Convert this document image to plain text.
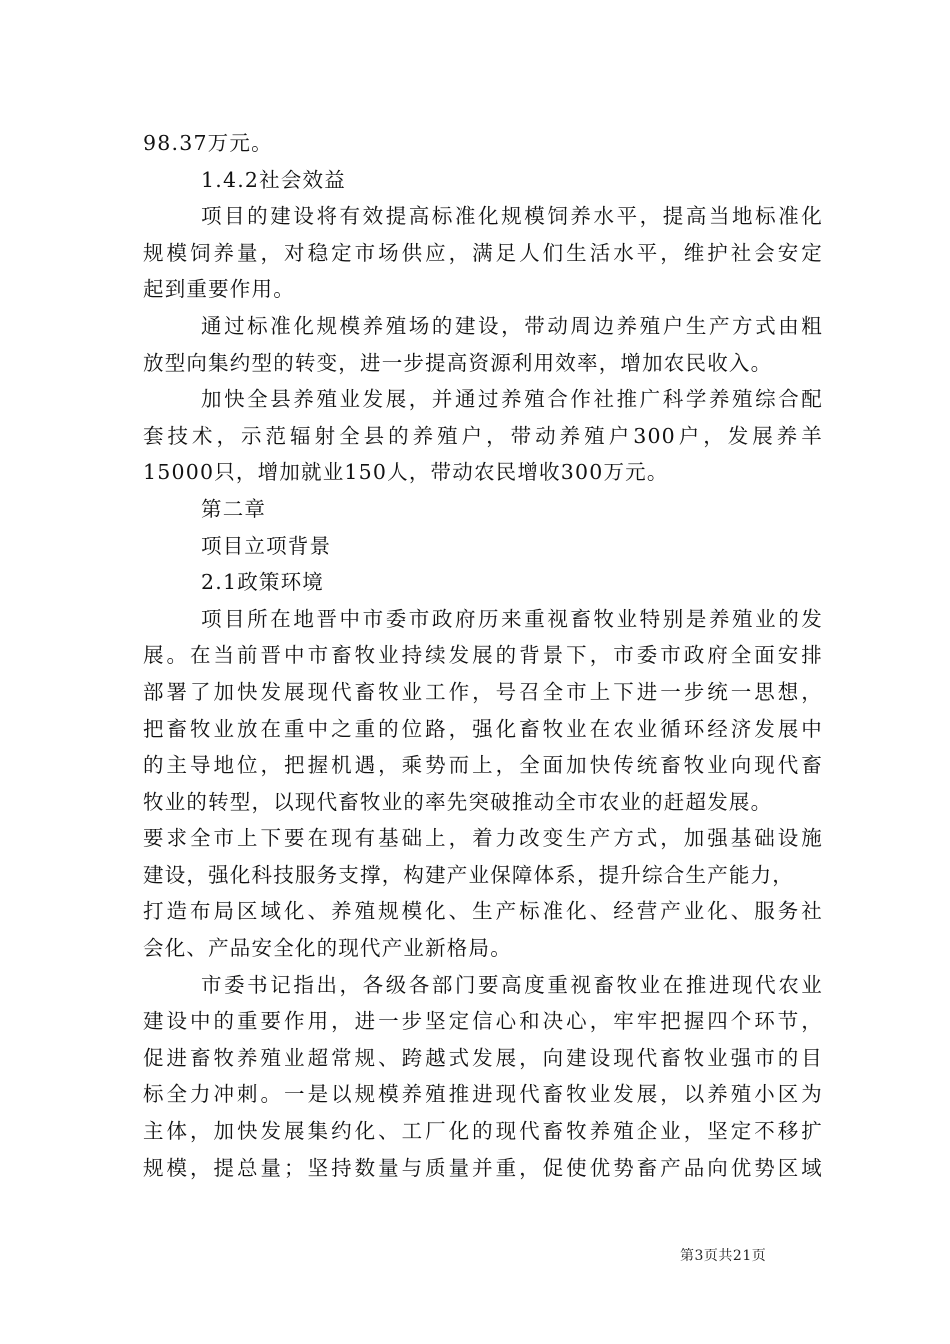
98.37万元。
1.4.2社会效益
项目的建设将有效提高标准化规模饲养水平，提高当地标准化
规模饲养量，对稳定市场供应，满足人们生活水平，维护社会安定
起到重要作用。
通过标准化规模养殖场的建设，带动周边养殖户生产方式由粗
放型向集约型的转变，进一步提高资源利用效率，增加农民收入。
加快全县养殖业发展，并通过养殖合作社推广科学养殖综合配
套技术，示范辐射全县的养殖户，带动养殖户300户，发展养羊
15000只，增加就业150人，带动农民增收300万元。
第二章
项目立项背景
2.1政策环境
项目所在地晋中市委市政府历来重视畜牧业特别是养殖业的发
展。在当前晋中市畜牧业持续发展的背景下，市委市政府全面安排
部署了加快发展现代畜牧业工作，号召全市上下进一步统一思想，
把畜牧业放在重中之重的位路，强化畜牧业在农业循环经济发展中
的主导地位，把握机遇，乘势而上，全面加快传统畜牧业向现代畜
牧业的转型，以现代畜牧业的率先突破推动全市农业的赶超发展。
要求全市上下要在现有基础上，着力改变生产方式，加强基础设施
建设，强化科技服务支撑，构建产业保障体系，提升综合生产能力，
打造布局区域化、养殖规模化、生产标准化、经营产业化、服务社
会化、产品安全化的现代产业新格局。
市委书记指出，各级各部门要高度重视畜牧业在推进现代农业
建设中的重要作用，进一步坚定信心和决心，牢牢把握四个环节，
促进畜牧养殖业超常规、跨越式发展，向建设现代畜牧业强市的目
标全力冲刺。一是以规模养殖推进现代畜牧业发展，以养殖小区为
主体，加快发展集约化、工厂化的现代畜牧养殖企业，坚定不移扩
规模，提总量；坚持数量与质量并重，促使优势畜产品向优势区域
第3页共21页
